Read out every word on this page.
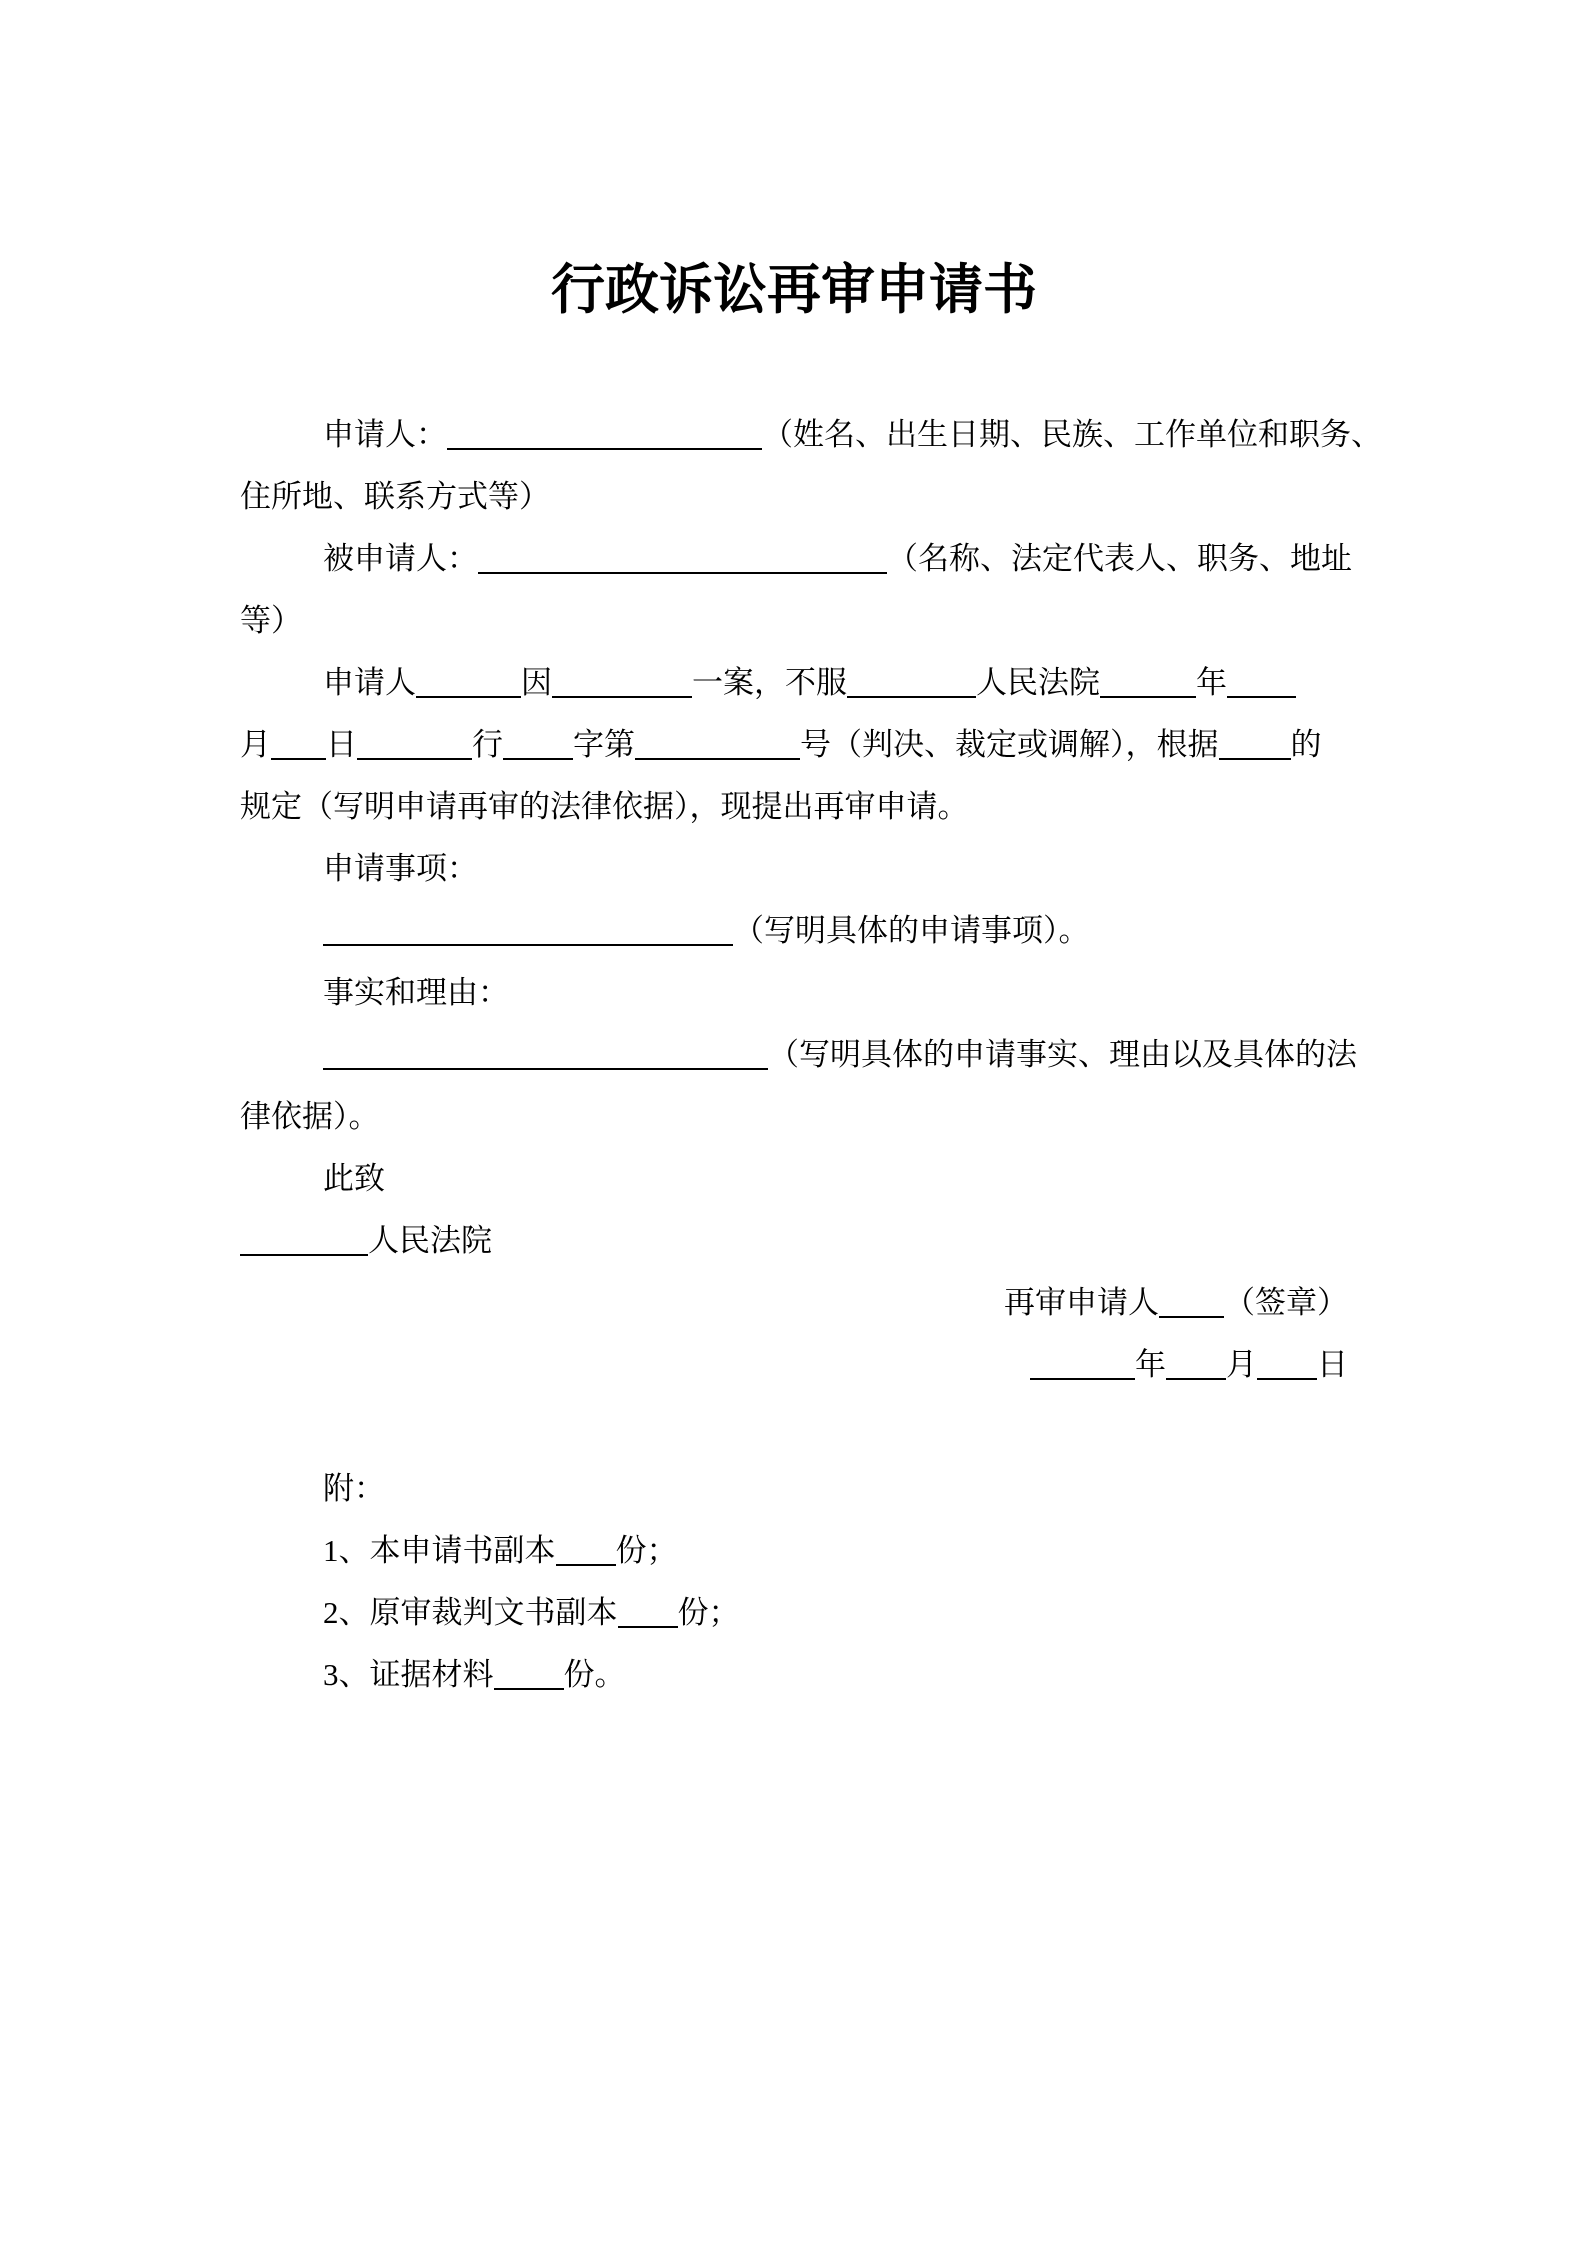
行政诉讼再审申请书
申请人：	（姓名、出生日期、民族、工作单位和职务、
住所地、联系方式等）
被申请人：	（名称、法定代表人、职务、地址
等）
申请人	因	一案，不服	人民法院	年
月 日	行 字第	号（判决、裁定或调解），根据 的
规定（写明申请再审的法律依据），现提出再审申请。
申请事项：
（写明具体的申请事项）。
事实和理由：
（写明具体的申请事实、理由以及具体的法
律依据）。
此致
人民法院
再审申请人 （签章）
年 月 日
附：
1、本申请书副本 份；
2、原审裁判文书副本 份；
3、证据材料 份。
